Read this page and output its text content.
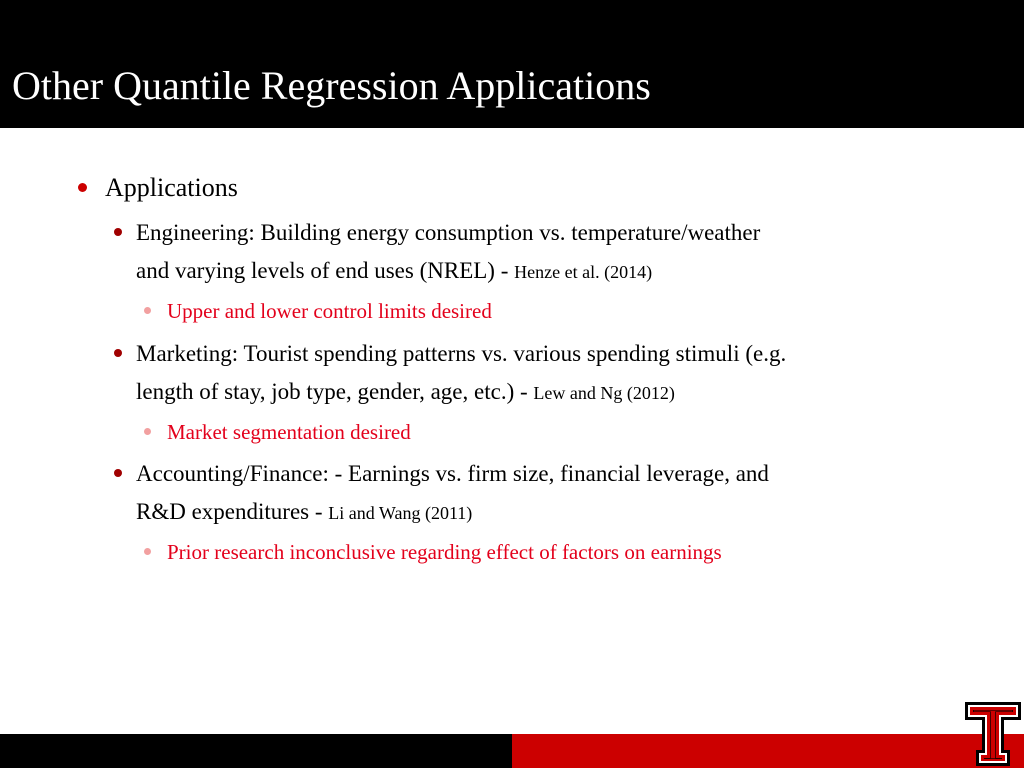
Other Quantile Regression Applications
Applications
Engineering: Building energy consumption vs. temperature/weather
and varying levels of end uses (NREL) - Henze et al. (2014)
Upper and lower control limits desired
Marketing: Tourist spending patterns vs. various spending stimuli (e.g.
length of stay, job type, gender, age, etc.) - Lew and Ng (2012)
Market segmentation desired
Accounting/Finance: - Earnings vs. firm size, financial leverage, and
R&D expenditures - Li and Wang (2011)
Prior research inconclusive regarding effect of factors on earnings
